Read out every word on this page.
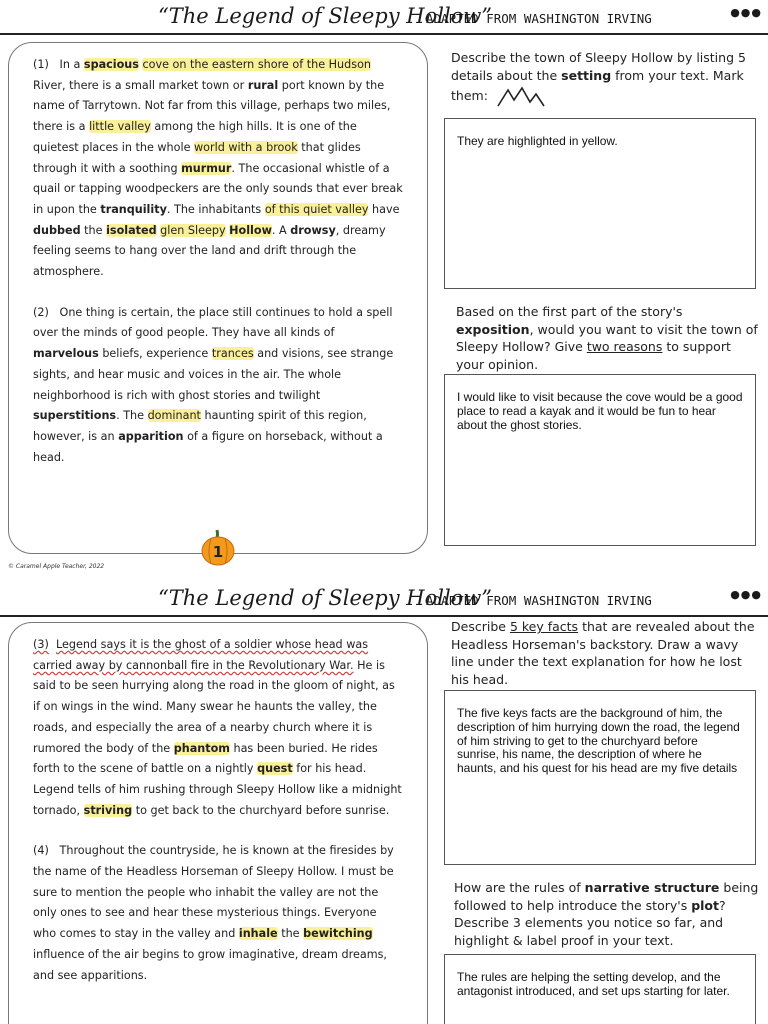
“The Legend of Sleepy Hollow”
ADAPTED FROM WASHINGTON IRVING	●●●

(1) In a spacious cove on the eastern shore of the Hudson River, there is a small market town or rural port known by the name of Tarrytown. Not far from this village, perhaps two miles, there is a little valley among the high hills. It is one of the quietest places in the whole world with a brook that glides through it with a soothing murmur. The occasional whistle of a quail or tapping woodpeckers are the only sounds that ever break in upon the tranquility. The inhabitants of this quiet valley have dubbed the isolated glen Sleepy Hollow. A drowsy, dreamy feeling seems to hang over the land and drift through the atmosphere.

(2) One thing is certain, the place still continues to hold a spell over the minds of good people. They have all kinds of marvelous beliefs, experience trances and visions, see strange sights, and hear music and voices in the air. The whole neighborhood is rich with ghost stories and twilight superstitions. The dominant haunting spirit of this region, however, is an apparition of a figure on horseback, without a head.

Describe the town of Sleepy Hollow by listing 5 details about the setting from your text. Mark them:
They are highlighted in yellow.
Based on the first part of the story's exposition, would you want to visit the town of Sleepy Hollow? Give two reasons to support your opinion.
I would like to visit because the cove would be a good place to read a kayak and it would be fun to hear about the ghost stories.
1
© Caramel Apple Teacher, 2022
“The Legend of Sleepy Hollow”
ADAPTED FROM WASHINGTON IRVING	●●●

(3) Legend says it is the ghost of a soldier whose head was carried away by cannonball fire in the Revolutionary War. He is said to be seen hurrying along the road in the gloom of night, as if on wings in the wind. Many swear he haunts the valley, the roads, and especially the area of a nearby church where it is rumored the body of the phantom has been buried. He rides forth to the scene of battle on a nightly quest for his head. Legend tells of him rushing through Sleepy Hollow like a midnight tornado, striving to get back to the churchyard before sunrise.

(4) Throughout the countryside, he is known at the firesides by the name of the Headless Horseman of Sleepy Hollow. I must be sure to mention the people who inhabit the valley are not the only ones to see and hear these mysterious things. Everyone who comes to stay in the valley and inhale the bewitching influence of the air begins to grow imaginative, dream dreams, and see apparitions.

Describe 5 key facts that are revealed about the Headless Horseman's backstory. Draw a wavy line under the text explanation for how he lost his head.
The five keys facts are the background of him, the description of him hurrying down the road, the legend of him striving to get to the churchyard before sunrise, his name, the description of where he haunts, and his quest for his head are my five details
How are the rules of narrative structure being followed to help introduce the story's plot? Describe 3 elements you notice so far, and highlight & label proof in your text.
The rules are helping the setting develop, and the antagonist introduced, and set ups starting for later.
